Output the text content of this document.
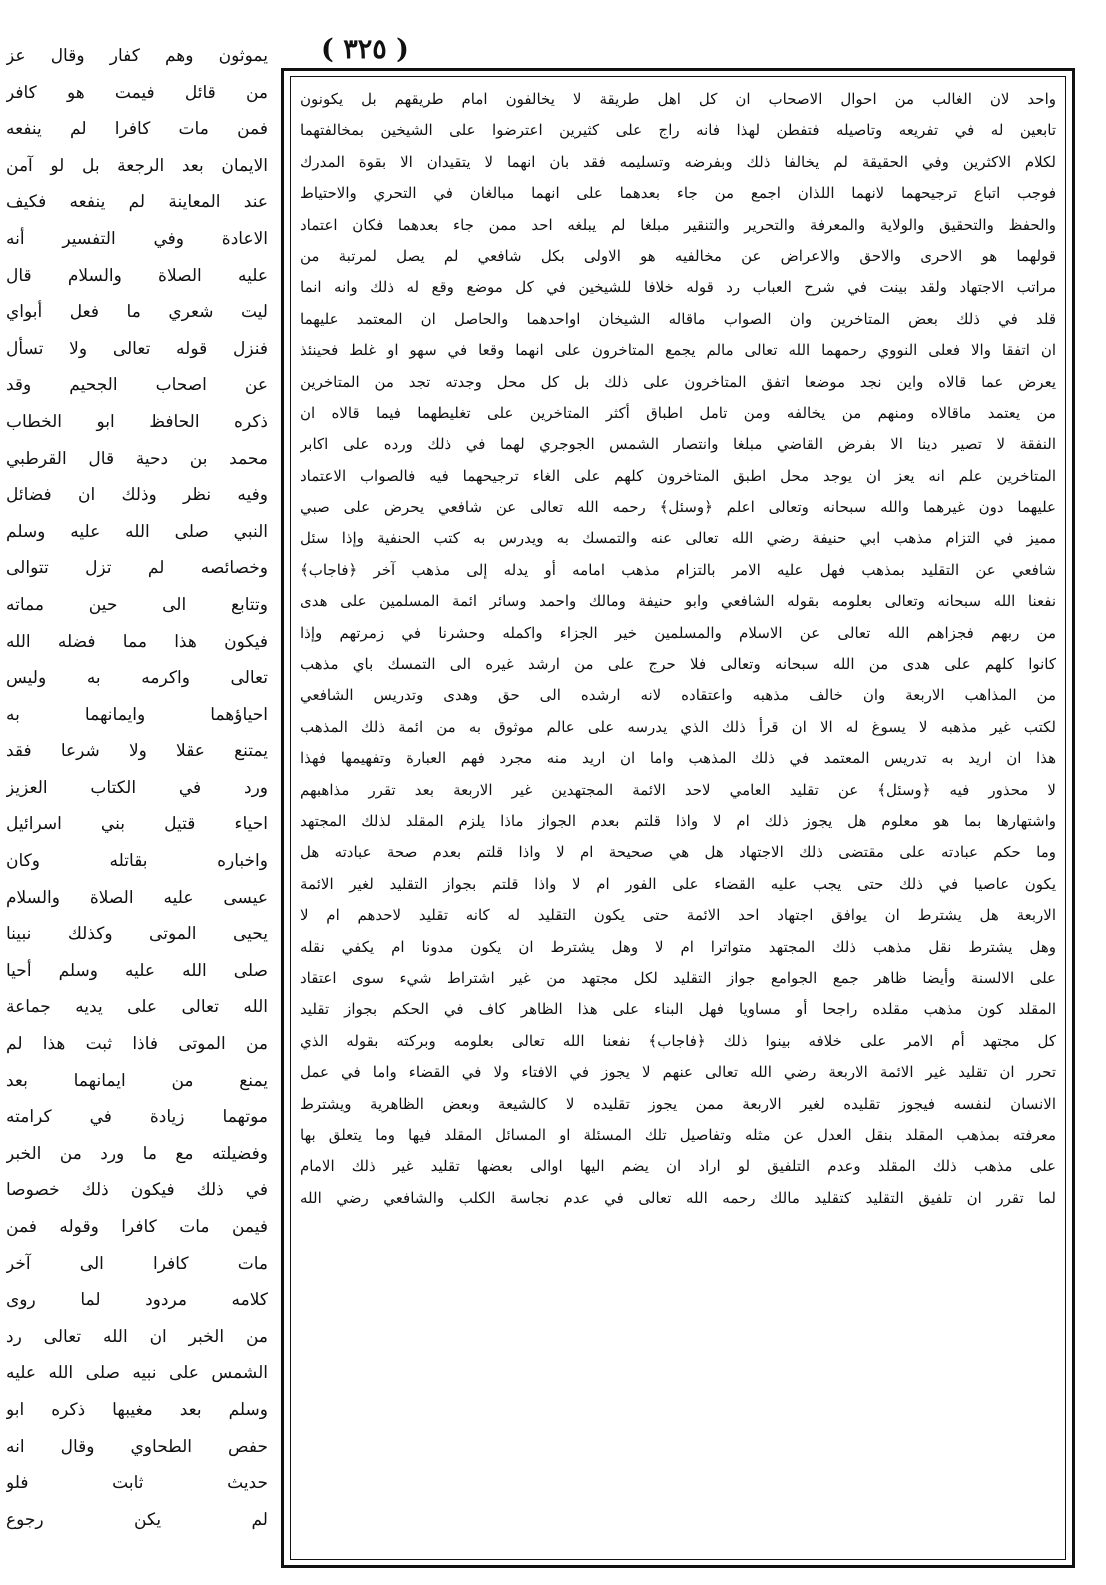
( ٣٢٥ )
واحد لان الغالب من احوال الاصحاب ان كل اهل طريقة لا يخالفون امام طريقهم بل يكونون
تابعين له في تفريعه وتاصيله فتفطن لهذا فانه راج على كثيرين اعترضوا على الشيخين بمخالفتهما
لكلام الاكثرين وفي الحقيقة لم يخالفا ذلك وبفرضه وتسليمه فقد بان انهما لا يتقيدان الا بقوة المدرك
فوجب اتباع ترجيحهما لانهما اللذان اجمع من جاء بعدهما على انهما مبالغان في التحري والاحتياط
والحفظ والتحقيق والولاية والمعرفة والتحرير والتنقير مبلغا لم يبلغه احد ممن جاء بعدهما فكان اعتماد
قولهما هو الاحرى والاحق والاعراض عن مخالفيه هو الاولى بكل شافعي لم يصل لمرتبة من
مراتب الاجتهاد ولقد بينت في شرح العباب رد قوله خلافا للشيخين في كل موضع وقع له ذلك وانه انما
قلد في ذلك بعض المتاخرين وان الصواب ماقاله الشيخان اواحدهما والحاصل ان المعتمد عليهما
ان اتفقا والا فعلى النووي رحمهما الله تعالى مالم يجمع المتاخرون على انهما وقعا في سهو او غلط فحينئذ
يعرض عما قالاه واين نجد موضعا اتفق المتاخرون على ذلك بل كل محل وجدته تجد من المتاخرين
من يعتمد ماقالاه ومنهم من يخالفه ومن تامل اطباق أكثر المتاخرين على تغليطهما فيما قالاه ان
النفقة لا تصير دينا الا بفرض القاضي مبلغا وانتصار الشمس الجوجري لهما في ذلك ورده على اكابر
المتاخرين علم انه يعز ان يوجد محل اطبق المتاخرون كلهم على الغاء ترجيحهما فيه فالصواب الاعتماد
عليهما دون غيرهما والله سبحانه وتعالى اعلم ﴿وسئل﴾ رحمه الله تعالى عن شافعي يحرض على صبي
مميز في التزام مذهب ابي حنيفة رضي الله تعالى عنه والتمسك به ويدرس به كتب الحنفية وإذا سئل
شافعي عن التقليد بمذهب فهل عليه الامر بالتزام مذهب امامه أو يدله إلى مذهب آخر ﴿فاجاب﴾
نفعنا الله سبحانه وتعالى بعلومه بقوله الشافعي وابو حنيفة ومالك واحمد وسائر ائمة المسلمين على هدى
من ربهم فجزاهم الله تعالى عن الاسلام والمسلمين خير الجزاء واكمله وحشرنا في زمرتهم وإذا
كانوا كلهم على هدى من الله سبحانه وتعالى فلا حرج على من ارشد غيره الى التمسك باي مذهب
من المذاهب الاربعة وان خالف مذهبه واعتقاده لانه ارشده الى حق وهدى وتدريس الشافعي
لكتب غير مذهبه لا يسوغ له الا ان قرأ ذلك الذي يدرسه على عالم موثوق به من ائمة ذلك المذهب
هذا ان اريد به تدريس المعتمد في ذلك المذهب واما ان اريد منه مجرد فهم العبارة وتفهيمها فهذا
لا محذور فيه ﴿وسئل﴾ عن تقليد العامي لاحد الائمة المجتهدين غير الاربعة بعد تقرر مذاهبهم
واشتهارها بما هو معلوم هل يجوز ذلك ام لا واذا قلتم بعدم الجواز ماذا يلزم المقلد لذلك المجتهد
وما حكم عبادته على مقتضى ذلك الاجتهاد هل هي صحيحة ام لا واذا قلتم بعدم صحة عبادته هل
يكون عاصيا في ذلك حتى يجب عليه القضاء على الفور ام لا واذا قلتم بجواز التقليد لغير الائمة
الاربعة هل يشترط ان يوافق اجتهاد احد الائمة حتى يكون التقليد له كانه تقليد لاحدهم ام لا
وهل يشترط نقل مذهب ذلك المجتهد متواترا ام لا وهل يشترط ان يكون مدونا ام يكفي نقله
على الالسنة وأيضا ظاهر جمع الجوامع جواز التقليد لكل مجتهد من غير اشتراط شيء سوى اعتقاد
المقلد كون مذهب مقلده راجحا أو مساويا فهل البناء على هذا الظاهر كاف في الحكم بجواز تقليد
كل مجتهد أم الامر على خلافه بينوا ذلك ﴿فاجاب﴾ نفعنا الله تعالى بعلومه وبركته بقوله الذي
تحرر ان تقليد غير الائمة الاربعة رضي الله تعالى عنهم لا يجوز في الافتاء ولا في القضاء واما في عمل
الانسان لنفسه فيجوز تقليده لغير الاربعة ممن يجوز تقليده لا كالشيعة وبعض الظاهرية ويشترط
معرفته بمذهب المقلد بنقل العدل عن مثله وتفاصيل تلك المسئلة او المسائل المقلد فيها وما يتعلق بها
على مذهب ذلك المقلد وعدم التلفيق لو اراد ان يضم اليها اوالى بعضها تقليد غير ذلك الامام
لما تقرر ان تلفيق التقليد كتقليد مالك رحمه الله تعالى في عدم نجاسة الكلب والشافعي رضي الله
يموثون وهم كفار وقال عز
من قائل فيمت هو كافر
فمن مات كافرا لم ينفعه
الايمان بعد الرجعة بل لو آمن
عند المعاينة لم ينفعه فكيف
الاعادة وفي التفسير أنه
عليه الصلاة والسلام قال
ليت شعري ما فعل أبواي
فنزل قوله تعالى ولا تسأل
عن اصحاب الجحيم وقد
ذكره الحافظ ابو الخطاب
محمد بن دحية قال القرطبي
وفيه نظر وذلك ان فضائل
النبي صلى الله عليه وسلم
وخصائصه لم تزل تتوالى
وتتابع الى حين مماته
فيكون هذا مما فضله الله
تعالى واكرمه به وليس
احياؤهما وايمانهما به
يمتنع عقلا ولا شرعا فقد
ورد في الكتاب العزيز
احياء قتيل بني اسرائيل
واخباره بقاتله وكان
عيسى عليه الصلاة والسلام
يحيى الموتى وكذلك نبينا
صلى الله عليه وسلم أحيا
الله تعالى على يديه جماعة
من الموتى فاذا ثبت هذا لم
يمنع من ايمانهما بعد
موتهما زيادة في كرامته
وفضيلته مع ما ورد من الخبر
في ذلك فيكون ذلك خصوصا
فيمن مات كافرا وقوله فمن
مات كافرا الى آخر
كلامه مردود لما روى
من الخبر ان الله تعالى رد
الشمس على نبيه صلى الله عليه
وسلم بعد مغيبها ذكره ابو
حفص الطحاوي وقال انه
حديث ثابت فلو
لم يكن رجوع
